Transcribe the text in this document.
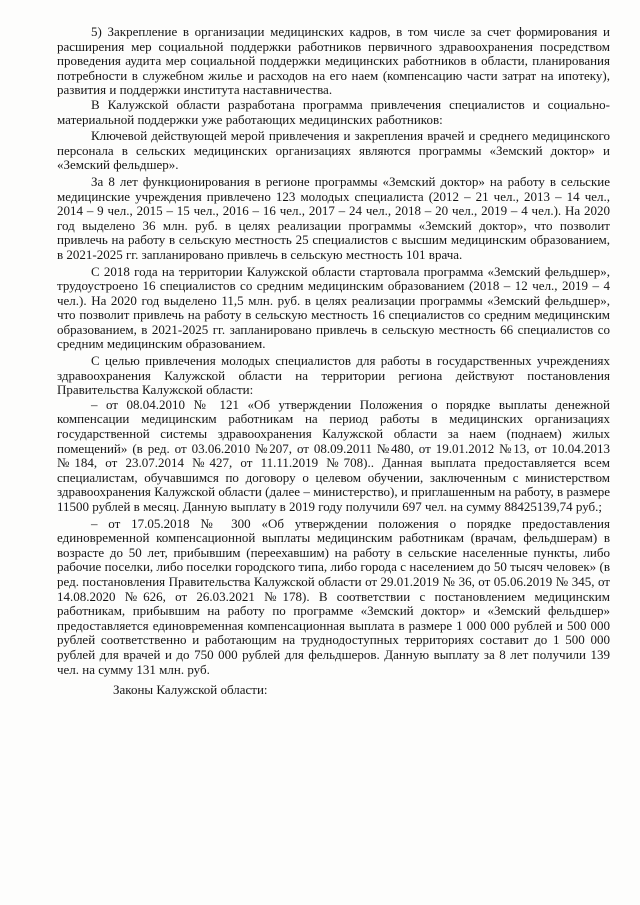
5) Закрепление в организации медицинских кадров, в том числе за счет формирования и расширения мер социальной поддержки работников первичного здравоохранения посредством проведения аудита мер социальной поддержки медицинских работников в области, планирования потребности в служебном жилье и расходов на его наем (компенсацию части затрат на ипотеку), развития и поддержки института наставничества.

В Калужской области разработана программа привлечения специалистов и социально-материальной поддержки уже работающих медицинских работников:

Ключевой действующей мерой привлечения и закрепления врачей и среднего медицинского персонала в сельских медицинских организациях являются программы «Земский доктор» и «Земский фельдшер».

За 8 лет функционирования в регионе программы «Земский доктор» на работу в сельские медицинские учреждения привлечено 123 молодых специалиста (2012 – 21 чел., 2013 – 14 чел., 2014 – 9 чел., 2015 – 15 чел., 2016 – 16 чел., 2017 – 24 чел., 2018 – 20 чел., 2019 – 4 чел.). На 2020 год выделено 36 млн. руб. в целях реализации программы «Земский доктор», что позволит привлечь на работу в сельскую местность 25 специалистов с высшим медицинским образованием, в 2021-2025 гг. запланировано привлечь в сельскую местность 101 врача.

С 2018 года на территории Калужской области стартовала программа «Земский фельдшер», трудоустроено 16 специалистов со средним медицинским образованием (2018 – 12 чел., 2019 – 4 чел.). На 2020 год выделено 11,5 млн. руб. в целях реализации программы «Земский фельдшер», что позволит привлечь на работу в сельскую местность 16 специалистов со средним медицинским образованием, в 2021-2025 гг. запланировано привлечь в сельскую местность 66 специалистов со средним медицинским образованием.

С целью привлечения молодых специалистов для работы в государственных учреждениях здравоохранения Калужской области на территории региона действуют постановления Правительства Калужской области:

– от 08.04.2010 № 121 «Об утверждении Положения о порядке выплаты денежной компенсации медицинским работникам на период работы в медицинских организациях государственной системы здравоохранения Калужской области за наем (поднаем) жилых помещений» (в ред. от 03.06.2010 №207, от 08.09.2011 №480, от 19.01.2012 №13, от 10.04.2013 №184, от 23.07.2014 №427, от 11.11.2019 №708).. Данная выплата предоставляется всем специалистам, обучавшимся по договору о целевом обучении, заключенным с министерством здравоохранения Калужской области (далее – министерство), и приглашенным на работу, в размере 11500 рублей в месяц. Данную выплату в 2019 году получили 697 чел. на сумму 88425139,74 руб.;

– от 17.05.2018 № 300 «Об утверждении положения о порядке предоставления единовременной компенсационной выплаты медицинским работникам (врачам, фельдшерам) в возрасте до 50 лет, прибывшим (переехавшим) на работу в сельские населенные пункты, либо рабочие поселки, либо поселки городского типа, либо города с населением до 50 тысяч человек» (в ред. постановления Правительства Калужской области от 29.01.2019 № 36, от 05.06.2019 № 345, от 14.08.2020 №626, от 26.03.2021 №178). В соответствии с постановлением медицинским работникам, прибывшим на работу по программе «Земский доктор» и «Земский фельдшер» предоставляется единовременная компенсационная выплата в размере 1 000 000 рублей и 500 000 рублей соответственно и работающим на труднодоступных территориях составит до 1 500 000 рублей для врачей и до 750 000 рублей для фельдшеров. Данную выплату за 8 лет получили 139 чел. на сумму 131 млн. руб.

Законы Калужской области:
